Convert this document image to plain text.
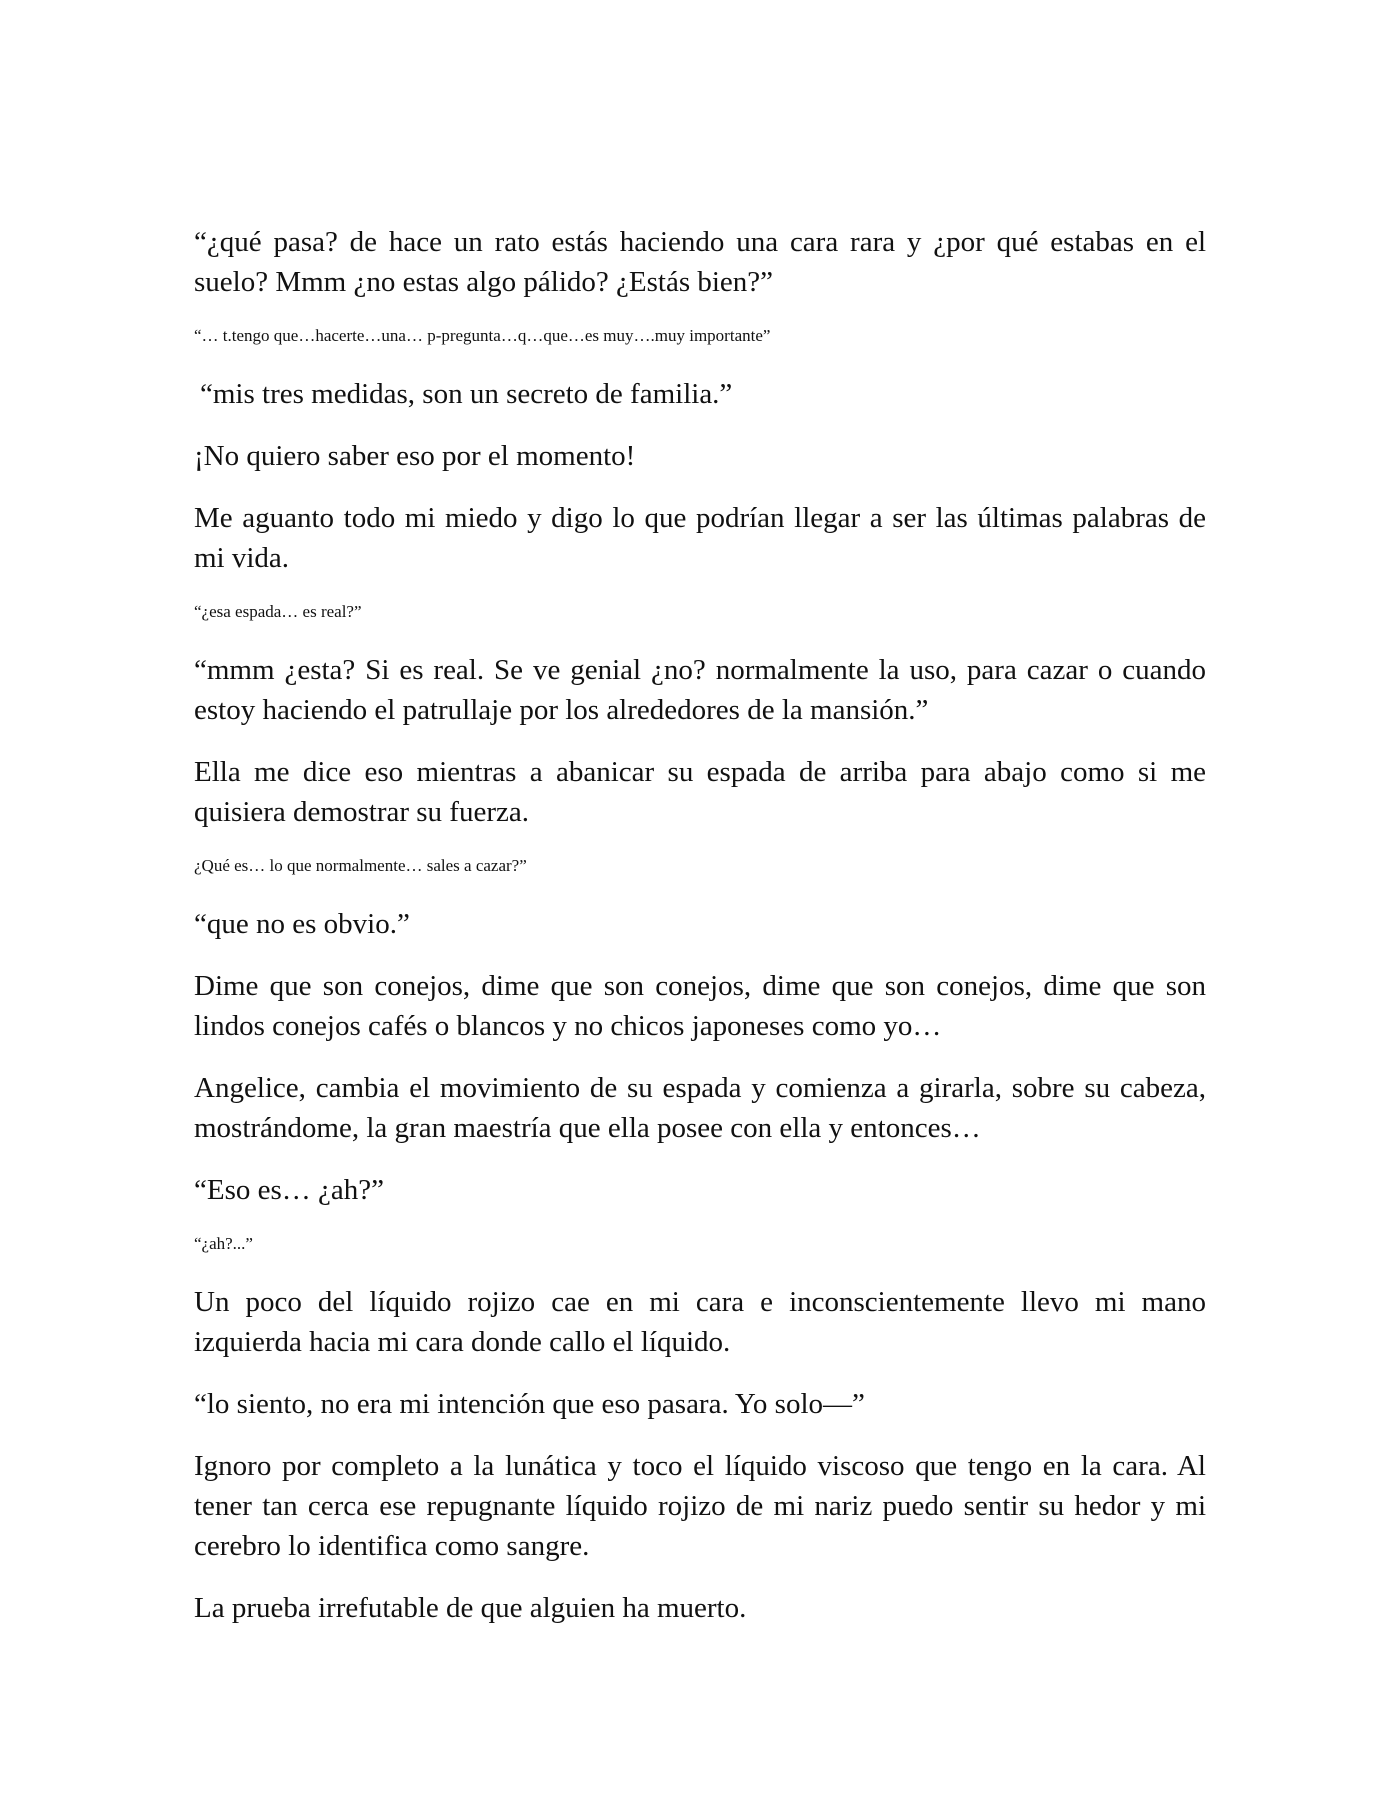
“¿qué pasa? de hace un rato estás haciendo una cara rara y ¿por qué estabas en el suelo? Mmm ¿no estas algo pálido? ¿Estás bien?”

“… t.tengo que…hacerte…una… p-pregunta…q…que…es muy….muy importante”

“mis tres medidas, son un secreto de familia.”

¡No quiero saber eso por el momento!

Me aguanto todo mi miedo y digo lo que podrían llegar a ser las últimas palabras de mi vida.

“¿esa espada… es real?”

“mmm ¿esta? Si es real. Se ve genial ¿no? normalmente la uso, para cazar o cuando estoy haciendo el patrullaje por los alrededores de la mansión.”

Ella me dice eso mientras a abanicar su espada de arriba para abajo como si me quisiera demostrar su fuerza.

¿Qué es… lo que normalmente… sales a cazar?”

“que no es obvio.”

Dime que son conejos, dime que son conejos, dime que son conejos, dime que son lindos conejos cafés o blancos y no chicos japoneses como yo…

Angelice, cambia el movimiento de su espada y comienza a girarla, sobre su cabeza, mostrándome, la gran maestría que ella posee con ella y entonces…

“Eso es… ¿ah?”

“¿ah?...”

Un poco del líquido rojizo cae en mi cara e inconscientemente llevo mi mano izquierda hacia mi cara donde callo el líquido.

“lo siento, no era mi intención que eso pasara. Yo solo—”

Ignoro por completo a la lunática y toco el líquido viscoso que tengo en la cara. Al tener tan cerca ese repugnante líquido rojizo de mi nariz puedo sentir su hedor y mi cerebro lo identifica como sangre.

La prueba irrefutable de que alguien ha muerto.
